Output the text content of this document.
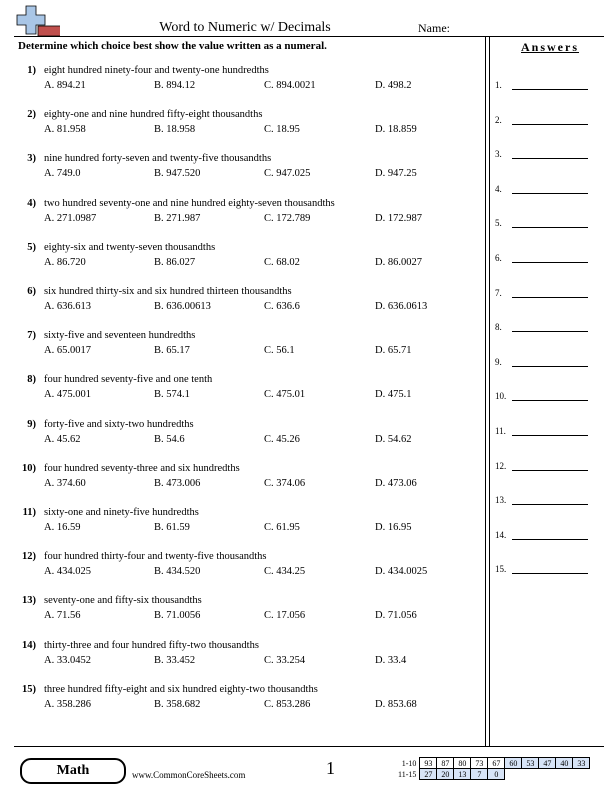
Word to Numeric w/ Decimals	Name:
Determine which choice best show the value written as a numeral.	Answers
1) eight hundred ninety-four and twenty-one hundredths
A. 894.21	B. 894.12	C. 894.0021	D. 498.2
2) eighty-one and nine hundred fifty-eight thousandths
A. 81.958	B. 18.958	C. 18.95	D. 18.859
3) nine hundred forty-seven and twenty-five thousandths
A. 749.0	B. 947.520	C. 947.025	D. 947.25
4) two hundred seventy-one and nine hundred eighty-seven thousandths
A. 271.0987	B. 271.987	C. 172.789	D. 172.987
5) eighty-six and twenty-seven thousandths
A. 86.720	B. 86.027	C. 68.02	D. 86.0027
6) six hundred thirty-six and six hundred thirteen thousandths
A. 636.613	B. 636.00613	C. 636.6	D. 636.0613
7) sixty-five and seventeen hundredths
A. 65.0017	B. 65.17	C. 56.1	D. 65.71
8) four hundred seventy-five and one tenth
A. 475.001	B. 574.1	C. 475.01	D. 475.1
9) forty-five and sixty-two hundredths
A. 45.62	B. 54.6	C. 45.26	D. 54.62
10) four hundred seventy-three and six hundredths
A. 374.60	B. 473.006	C. 374.06	D. 473.06
11) sixty-one and ninety-five hundredths
A. 16.59	B. 61.59	C. 61.95	D. 16.95
12) four hundred thirty-four and twenty-five thousandths
A. 434.025	B. 434.520	C. 434.25	D. 434.0025
13) seventy-one and fifty-six thousandths
A. 71.56	B. 71.0056	C. 17.056	D. 71.056
14) thirty-three and four hundred fifty-two thousandths
A. 33.0452	B. 33.452	C. 33.254	D. 33.4
15) three hundred fifty-eight and six hundred eighty-two thousandths
A. 358.286	B. 358.682	C. 853.286	D. 853.68
1.
2.
3.
4.
5.
6.
7.
8.
9.
10.
11.
12.
13.
14.
15.
Math	www.CommonCoreSheets.com	1	1-10	93	87	80	73	67	60	53	47	40	33
11-15	27	20	13	7	0					
